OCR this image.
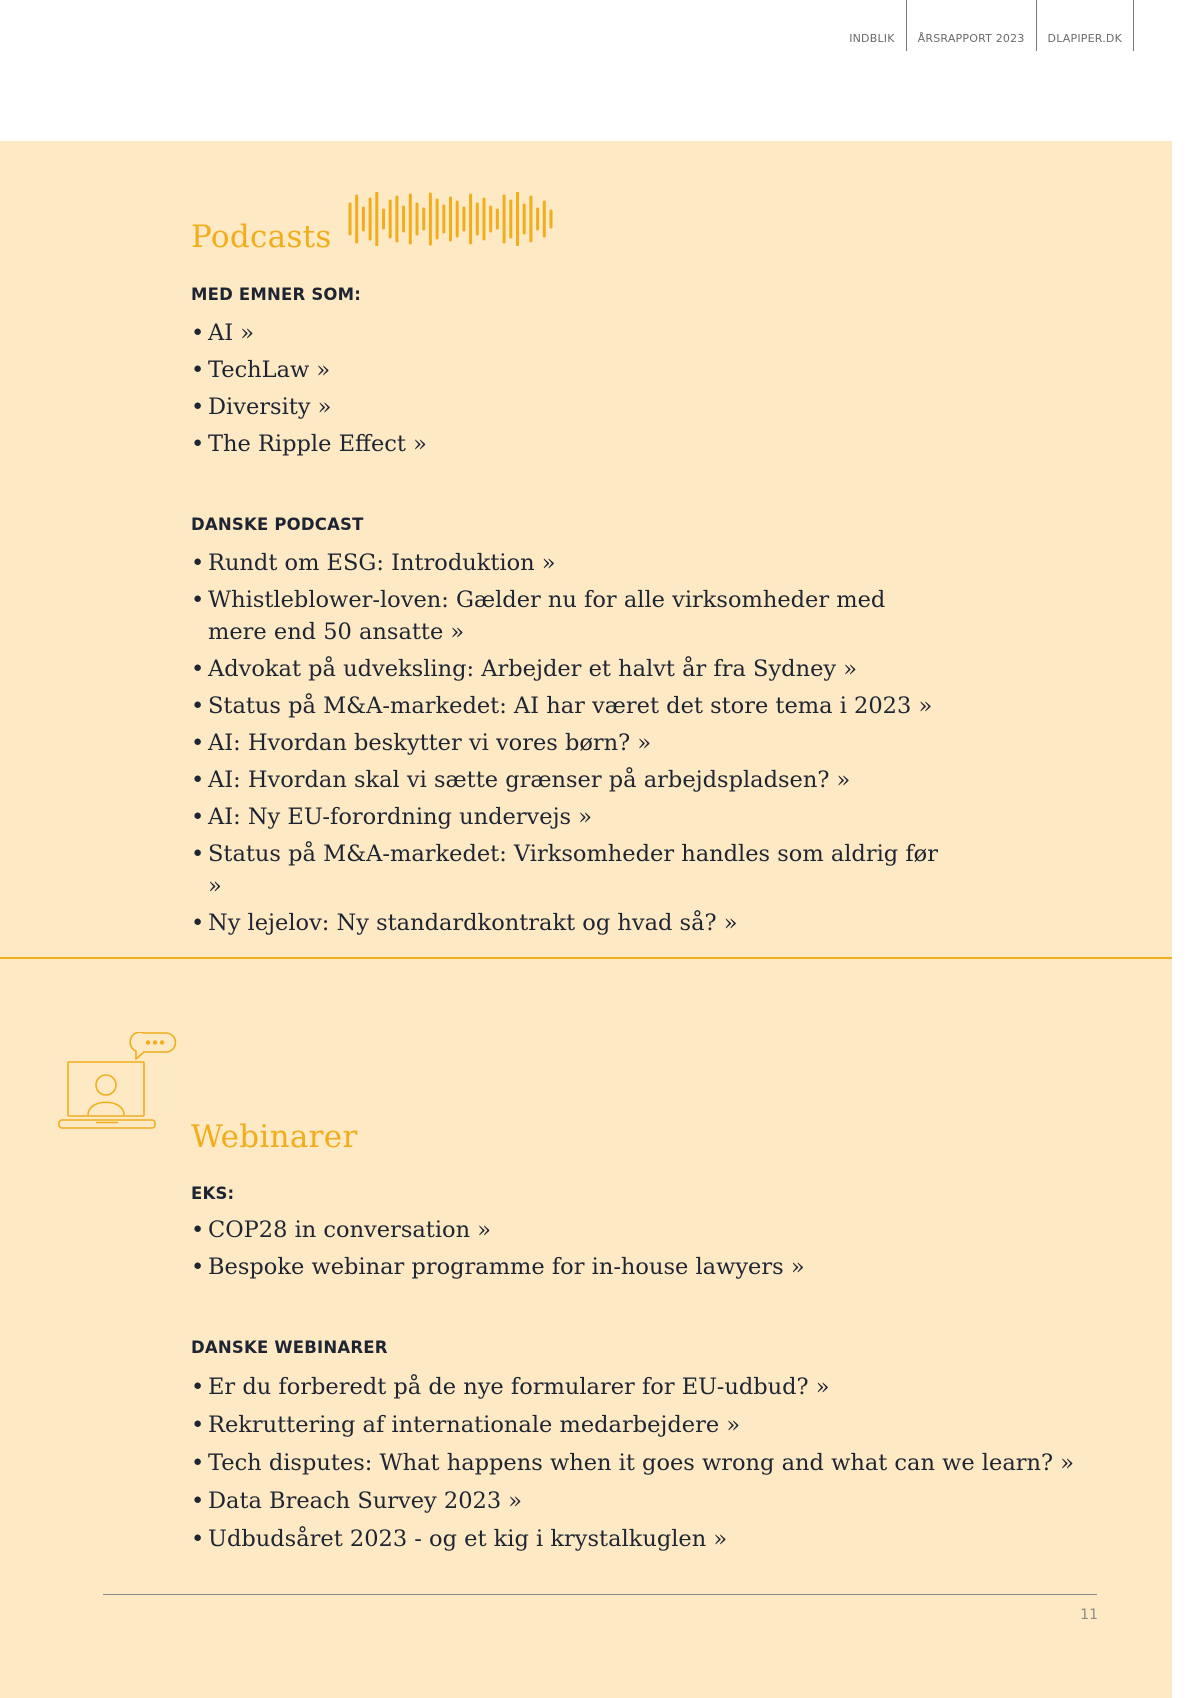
INDBLIK	ÅRSRAPPORT 2023	DLAPIPER.DK
Podcasts
MED EMNER SOM:
• AI »
• TechLaw »
• Diversity »
• The Ripple Effect »
DANSKE PODCAST
• Rundt om ESG: Introduktion »
• Whistleblower-loven: Gælder nu for alle virksomheder med mere end 50 ansatte »
• Advokat på udveksling: Arbejder et halvt år fra Sydney »
• Status på M&A-markedet: AI har været det store tema i 2023 »
• AI: Hvordan beskytter vi vores børn? »
• AI: Hvordan skal vi sætte grænser på arbejdspladsen? »
• AI: Ny EU-forordning undervejs »
• Status på M&A-markedet: Virksomheder handles som aldrig før »
• Ny lejelov: Ny standardkontrakt og hvad så? »
Webinarer
EKS:
• COP28 in conversation »
• Bespoke webinar programme for in-house lawyers »
DANSKE WEBINARER
• Er du forberedt på de nye formularer for EU-udbud? »
• Rekruttering af internationale medarbejdere »
• Tech disputes: What happens when it goes wrong and what can we learn? »
• Data Breach Survey 2023 »
• Udbudsåret 2023 - og et kig i krystalkuglen »
11
